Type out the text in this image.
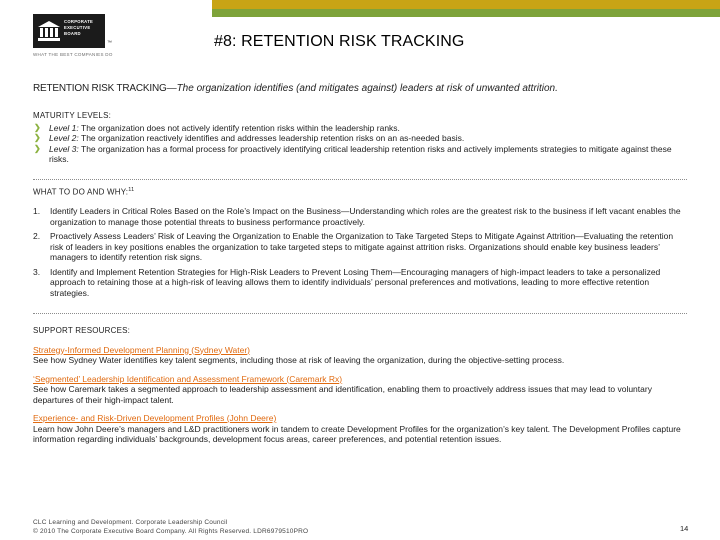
CORPORATE
EXECUTIVE
BOARD
™
WHAT THE BEST COMPANIES DO
#8: RETENTION RISK TRACKING
RETENTION RISK TRACKING—The organization identifies (and mitigates against) leaders at risk of unwanted attrition.
MATURITY LEVELS:
❯ Level 1: The organization does not actively identify retention risks within the leadership ranks.
❯ Level 2: The organization reactively identifies and addresses leadership retention risks on an as-needed basis.
❯ Level 3: The organization has a formal process for proactively identifying critical leadership retention risks and actively implements strategies to mitigate against these risks.
WHAT TO DO AND WHY:$^{11}$
1. Identify Leaders in Critical Roles Based on the Role’s Impact on the Business—Understanding which roles are the greatest risk to the business if left vacant enables the organization to manage those potential threats to business performance proactively.
2. Proactively Assess Leaders’ Risk of Leaving the Organization to Enable the Organization to Take Targeted Steps to Mitigate Against Attrition—Evaluating the retention risk of leaders in key positions enables the organization to take targeted steps to mitigate against attrition risks. Organizations should enable key business leaders’ managers to identify retention risk signs.
3. Identify and Implement Retention Strategies for High-Risk Leaders to Prevent Losing Them—Encouraging managers of high-impact leaders to take a personalized approach to retaining those at a high-risk of leaving allows them to identify individuals’ personal preferences and motivations, leading to more effective retention strategies.
SUPPORT RESOURCES:
Strategy-Informed Development Planning (Sydney Water)
See how Sydney Water identifies key talent segments, including those at risk of leaving the organization, during the objective-setting process.
‘Segmented’ Leadership Identification and Assessment Framework (Caremark Rx)
See how Caremark takes a segmented approach to leadership assessment and identification, enabling them to proactively address issues that may lead to voluntary departures of their high-impact talent.
Experience- and Risk-Driven Development Profiles (John Deere)
Learn how John Deere’s managers and L&D practitioners work in tandem to create Development Profiles for the organization’s key talent. The Development Profiles capture information regarding individuals’ backgrounds, development focus areas, career preferences, and potential retention issues.
CLC Learning and Development. Corporate Leadership Council
© 2010 The Corporate Executive Board Company. All Rights Reserved. LDR6979510PRO	14
